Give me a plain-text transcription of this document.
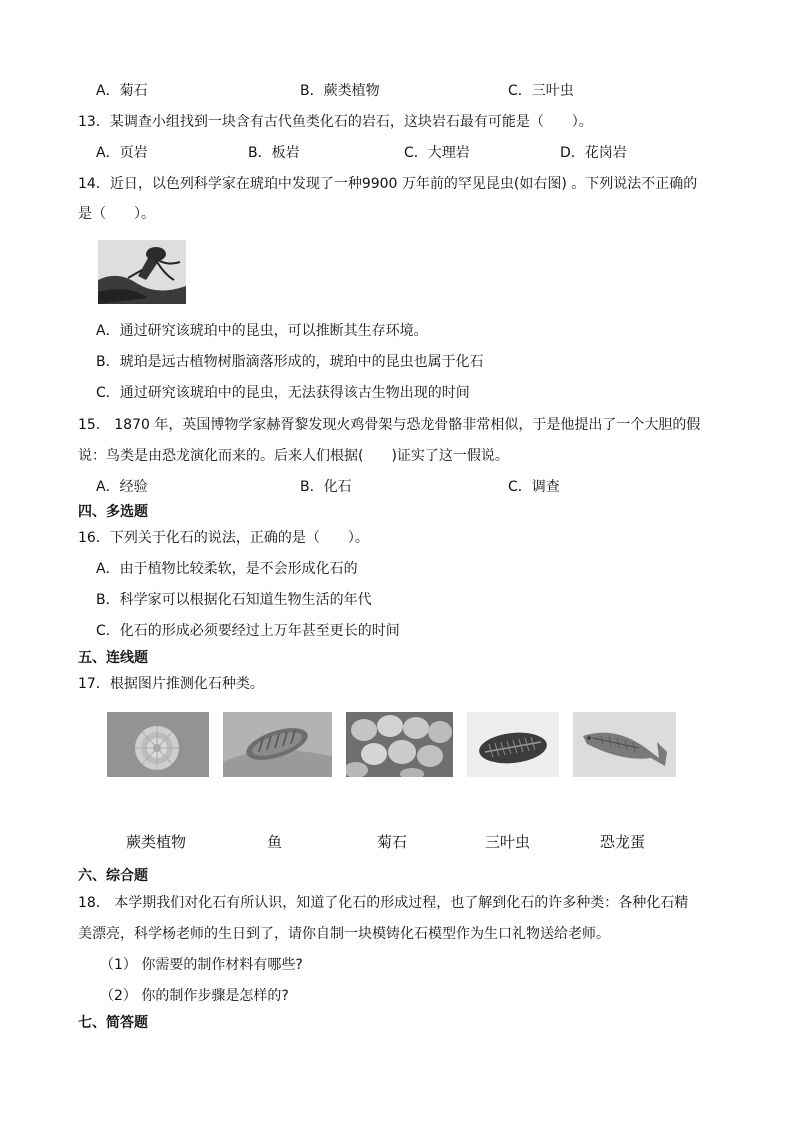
A．菊石	B．蕨类植物	C．三叶虫
13．某调查小组找到一块含有古代鱼类化石的岩石，这块岩石最有可能是（　　）。
A．页岩	B．板岩	C．大理岩	D．花岗岩
14．近日，以色列科学家在琥珀中发现了一种9900 万年前的罕见昆虫(如右图) 。下列说法不正确的
是（　　）。
A．通过研究该琥珀中的昆虫，可以推断其生存环境。
B．琥珀是远古植物树脂滴落形成的，琥珀中的昆虫也属于化石
C．通过研究该琥珀中的昆虫，无法获得该古生物出现的时间
15． 1870 年，英国博物学家赫胥黎发现火鸡骨架与恐龙骨骼非常相似，于是他提出了一个大胆的假
说：鸟类是由恐龙演化而来的。后来人们根据(　　)证实了这一假说。
A．经验	B．化石	C．调查
四、多选题
16．下列关于化石的说法，正确的是（　　）。
A．由于植物比较柔软，是不会形成化石的
B．科学家可以根据化石知道生物生活的年代
C．化石的形成必须要经过上万年甚至更长的时间
五、连线题
17．根据图片推测化石种类。
蕨类植物	鱼	菊石	三叶虫	恐龙蛋
六、综合题
18． 本学期我们对化石有所认识，知道了化石的形成过程，也了解到化石的许多种类：各种化石精
美漂亮，科学杨老师的生日到了，请你自制一块模铸化石模型作为生口礼物送给老师。
（1） 你需要的制作材料有哪些?
（2） 你的制作步骤是怎样的?
七、简答题
